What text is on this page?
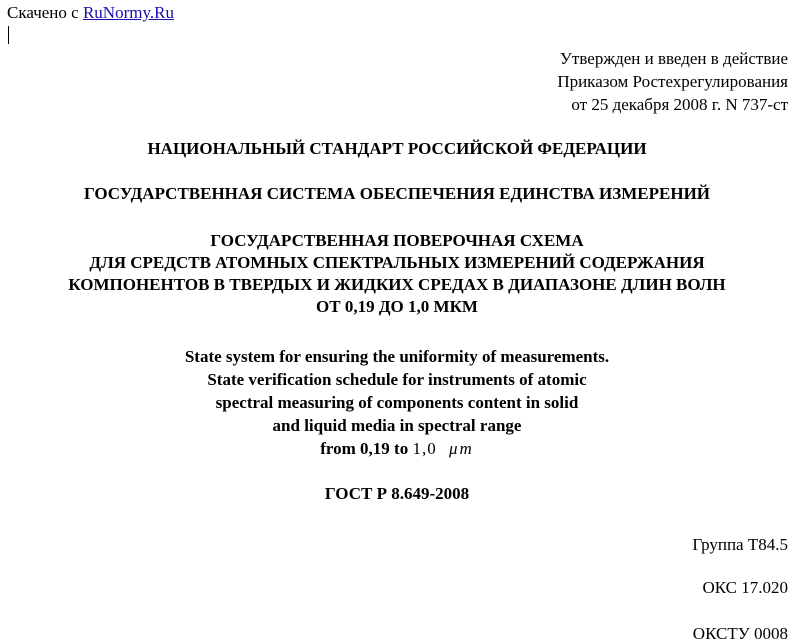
Скачено с RuNormy.Ru
Утвержден и введен в действие
Приказом Ростехрегулирования
от 25 декабря 2008 г. N 737-ст
НАЦИОНАЛЬНЫЙ СТАНДАРТ РОССИЙСКОЙ ФЕДЕРАЦИИ
ГОСУДАРСТВЕННАЯ СИСТЕМА ОБЕСПЕЧЕНИЯ ЕДИНСТВА ИЗМЕРЕНИЙ
ГОСУДАРСТВЕННАЯ ПОВЕРОЧНАЯ СХЕМА
ДЛЯ СРЕДСТВ АТОМНЫХ СПЕКТРАЛЬНЫХ ИЗМЕРЕНИЙ СОДЕРЖАНИЯ
КОМПОНЕНТОВ В ТВЕРДЫХ И ЖИДКИХ СРЕДАХ В ДИАПАЗОНЕ ДЛИН ВОЛН
ОТ 0,19 ДО 1,0 МКМ
State system for ensuring the uniformity of measurements.
State verification schedule for instruments of atomic
spectral measuring of components content in solid
and liquid media in spectral range
from 0,19 to 1,0 μm
ГОСТ Р 8.649-2008
Группа Т84.5
ОКС 17.020
ОКСТУ 0008
